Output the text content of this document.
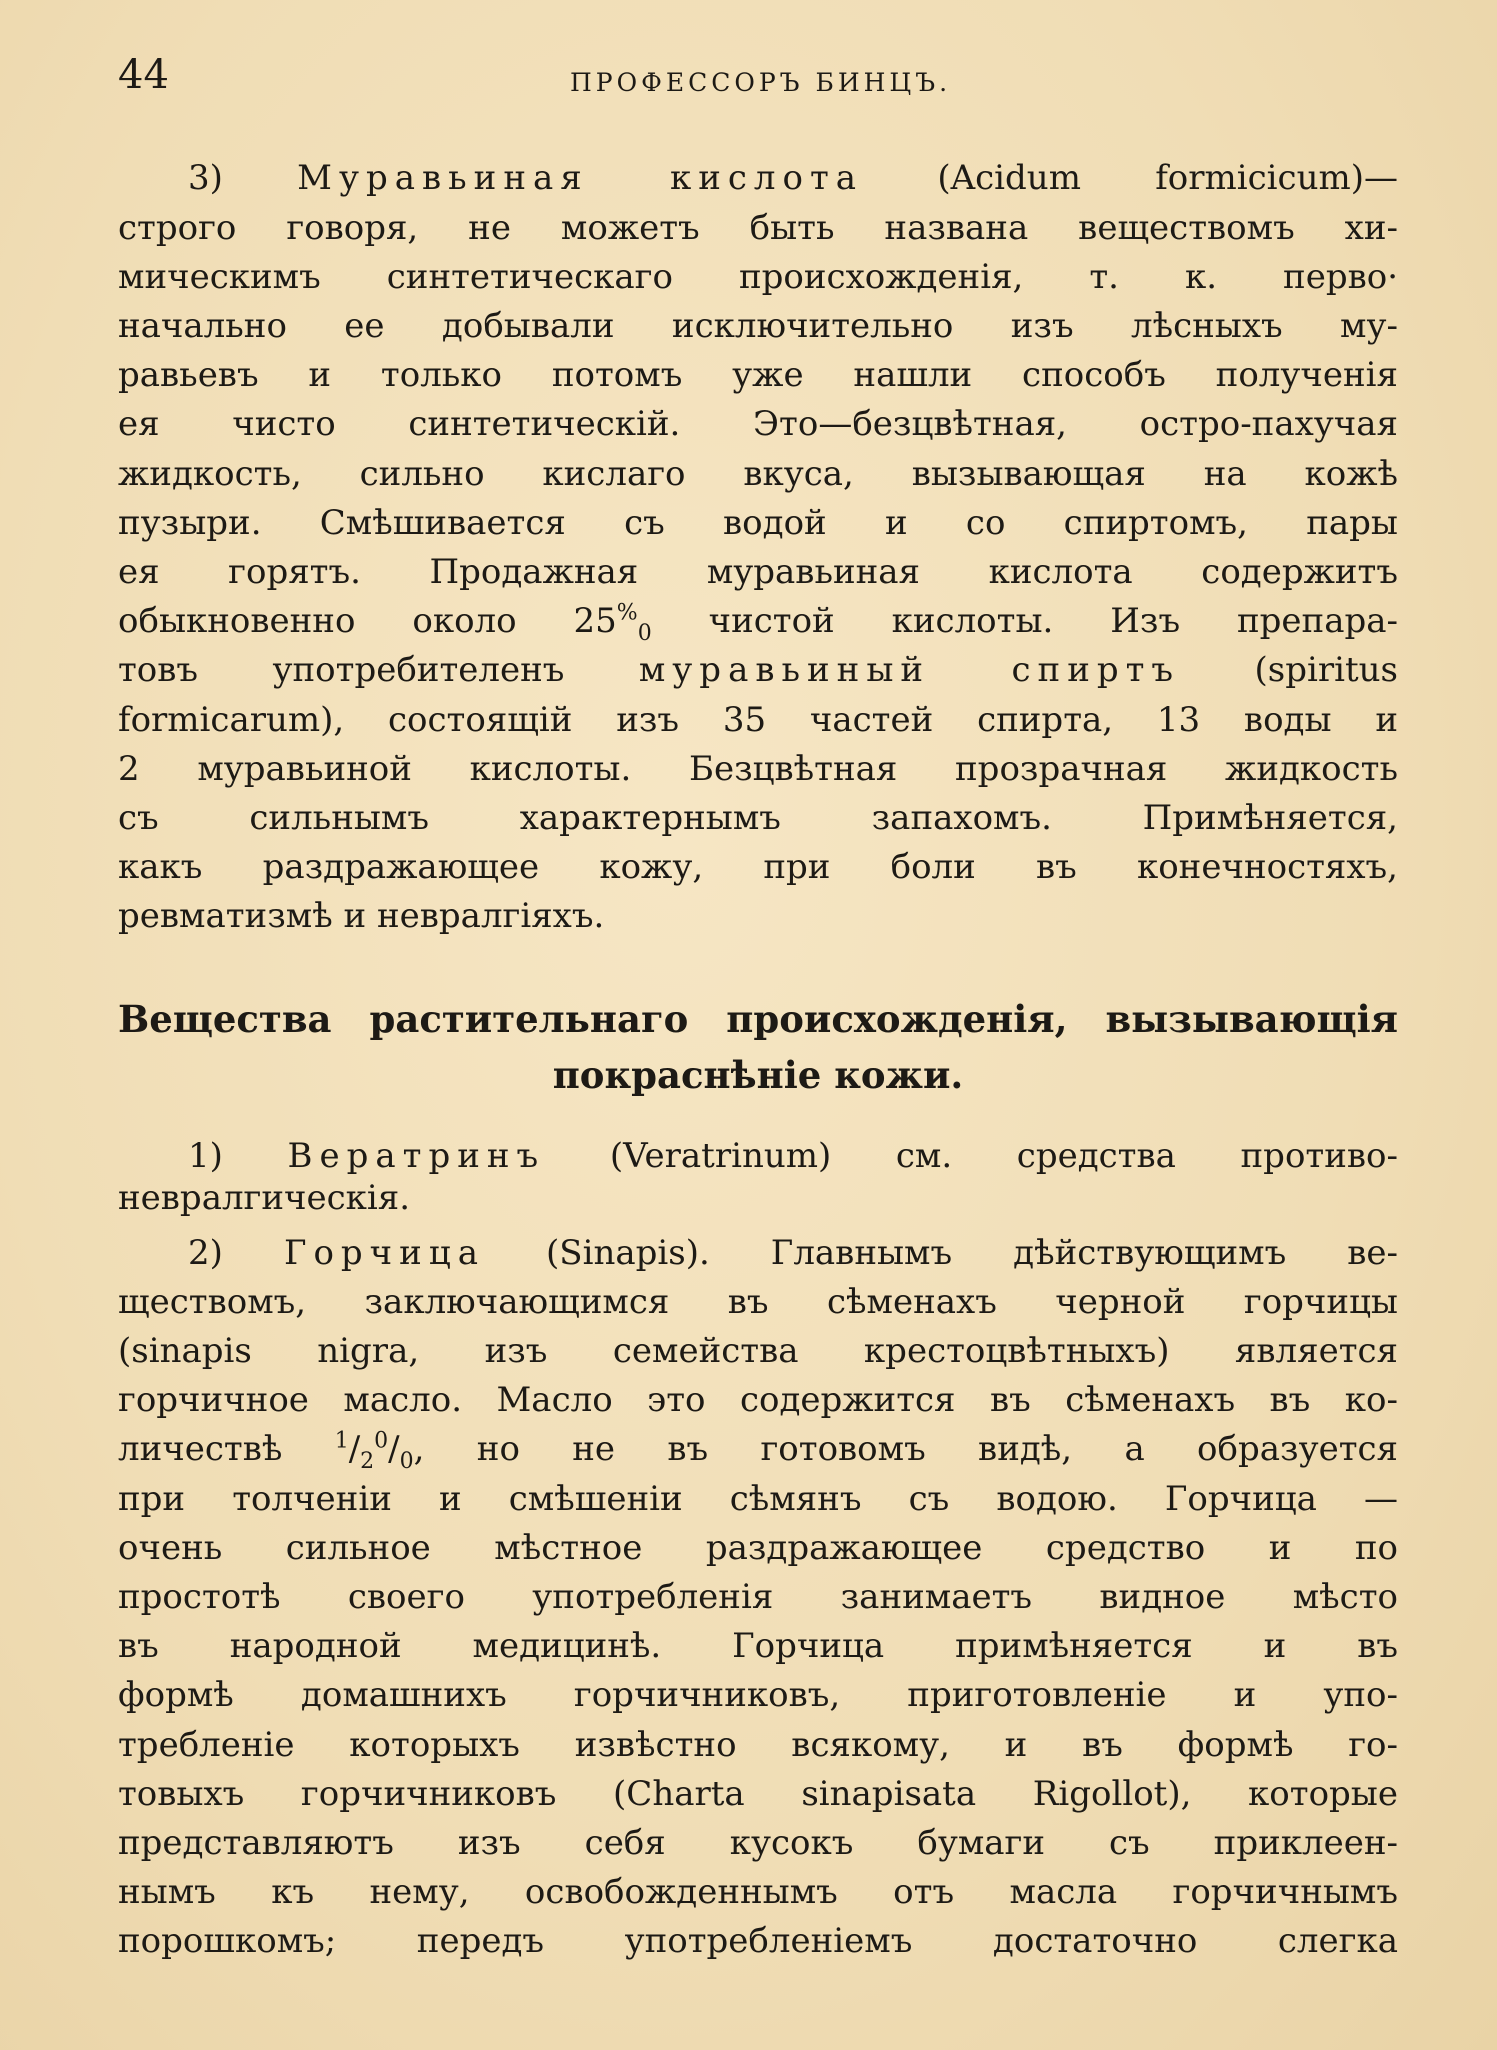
44	ПРОФЕССОРЪ БИНЦЪ.
3) Муравьиная кислота (Acidum formicicum)—
строго говоря, не можетъ быть названа веществомъ хи-
мическимъ синтетическаго происхожденія, т. к. перво·
начально ее добывали исключительно изъ лѣсныхъ му-
равьевъ и только потомъ уже нашли способъ полученія
ея чисто синтетическій. Это—безцвѣтная, остро-пахучая
жидкость, сильно кислаго вкуса, вызывающая на кожѣ
пузыри. Смѣшивается съ водой и со спиртомъ, пары
ея горятъ. Продажная муравьиная кислота содержитъ
обыкновенно около $25^{\%}_0$ чистой кислоты. Изъ препара-
товъ употребителенъ муравьиный спиртъ (spiritus
formicarum), состоящій изъ 35 частей спирта, 13 воды и
2 муравьиной кислоты. Безцвѣтная прозрачная жидкость
съ сильнымъ характернымъ запахомъ. Примѣняется,
какъ раздражающее кожу, при боли въ конечностяхъ,
ревматизмѣ и невралгіяхъ.
Вещества растительнаго происхожденія, вызывающія
покраснѣніе кожи.
1) Вератринъ (Veratrinum) см. средства противо-
невралгическія.
2) Горчица (Sinapis). Главнымъ дѣйствующимъ ве-
ществомъ, заключающимся въ сѣменахъ черной горчицы
(sinapis nigra, изъ семейства крестоцвѣтныхъ) является
горчичное масло. Масло это содержится въ сѣменахъ въ ко-
личествѣ $^1/_2^0/_0$, но не въ готовомъ видѣ, а образуется
при толченіи и смѣшеніи сѣмянъ съ водою. Горчица —
очень сильное мѣстное раздражающее средство и по
простотѣ своего употребленія занимаетъ видное мѣсто
въ народной медицинѣ. Горчица примѣняется и въ
формѣ домашнихъ горчичниковъ, приготовленіе и упо-
требленіе которыхъ извѣстно всякому, и въ формѣ го-
товыхъ горчичниковъ (Charta sinapisata Rigollot), которые
представляютъ изъ себя кусокъ бумаги съ приклеен-
нымъ къ нему, освобожденнымъ отъ масла горчичнымъ
порошкомъ; передъ употребленіемъ достаточно слегка
